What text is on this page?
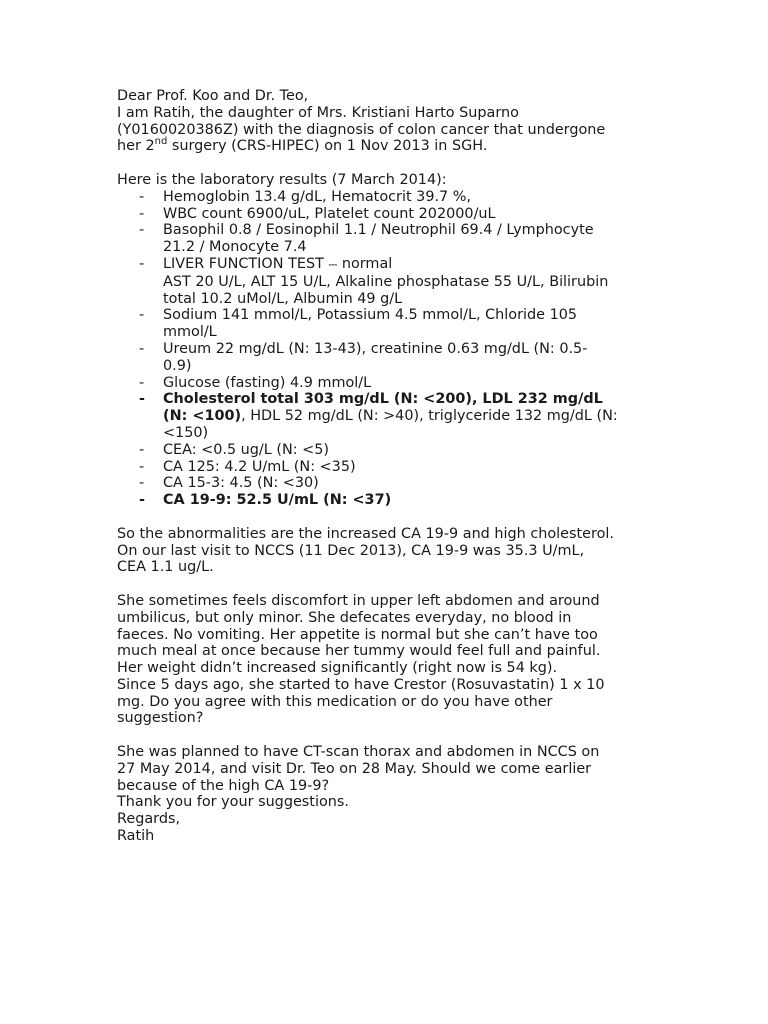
Dear Prof. Koo and Dr. Teo,

I am Ratih, the daughter of Mrs. Kristiani Harto Suparno
(Y016002038​6Z) with the diagnosis of colon cancer that undergone
her 2nd surgery (CRS-HIPEC) on 1 Nov 2013 in SGH.

Here is the laboratory results (7 March 2014):

- Hemoglobin 13.4 g/dL, Hematocrit 39.7 %,
- WBC count 6900/uL, Platelet count 202000/uL
- Basophil 0.8 / Eosinophil 1.1 / Neutrophil 69.4 / Lymphocyte
21.2 / Monocyte 7.4
- LIVER FUNCTION TEST ⎓ normal
AST 20 U/L, ALT 15 U/L, Alkaline phosphatase 55 U/L, Bilirubin
total 10.2 uMol/L, Albumin 49 g/L
- Sodium 141 mmol/L, Potassium 4.5 mmol/L, Chloride 105
mmol/L
- Ureum 22 mg/dL (N: 13-43), creatinine 0.63 mg/dL (N: 0.5-
0.9)
- Glucose (fasting) 4.9 mmol/L
- Cholesterol total 303 mg/dL (N: <200), LDL 232 mg/dL
(N: <100), HDL 52 mg/dL (N: >40), triglyceride 132 mg/dL (N:
<150)
- CEA: <0.5 ug/L (N: <5)
- CA 125: 4.2 U/mL (N: <35)
- CA 15-3: 4.5 (N: <30)
- CA 19-9: 52.5 U/mL (N: <37)

So the abnormalities are the increased CA 19-9 and high cholesterol.
On our last visit to NCCS (11 Dec 2013), CA 19-9 was 35.3 U/mL,
CEA 1.1 ug/L.

She sometimes feels discomfort in upper left abdomen and around
umbilicus, but only minor. She defecates everyday, no blood in
faeces. No vomiting. Her appetite is normal but she can’t have too
much meal at once because her tummy would feel full and painful.
Her weight didn’t increased significantly (right now is 54 kg).
Since 5 days ago, she started to have Crestor (Rosuvastatin) 1 x 10
mg. Do you agree with this medication or do you have other
suggestion?

She was planned to have CT-scan thorax and abdomen in NCCS on
27 May 2014, and visit Dr. Teo on 28 May. Should we come earlier
because of the high CA 19-9?

Thank you for your suggestions.

Regards,

Ratih
